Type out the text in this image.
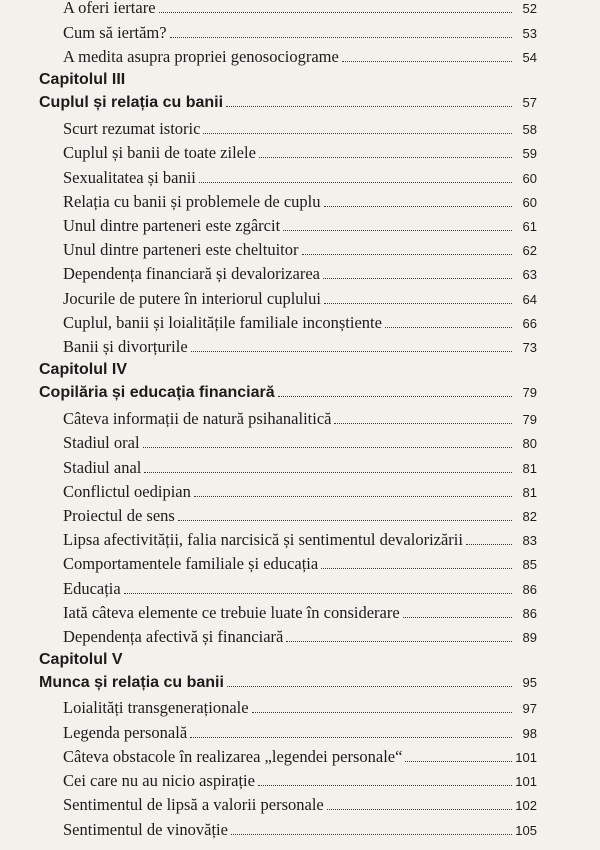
A oferi iertare	52
Cum să iertăm?	53
A medita asupra propriei genosociograme	54
Capitolul III
Cuplul și relația cu banii	57
Scurt rezumat istoric	58
Cuplul și banii de toate zilele	59
Sexualitatea și banii	60
Relația cu banii și problemele de cuplu	60
Unul dintre parteneri este zgârcit	61
Unul dintre parteneri este cheltuitor	62
Dependența financiară și devalorizarea	63
Jocurile de putere în interiorul cuplului	64
Cuplul, banii și loialitățile familiale inconștiente	66
Banii și divorțurile	73
Capitolul IV
Copilăria și educația financiară	79
Câteva informații de natură psihanalitică	79
Stadiul oral	80
Stadiul anal	81
Conflictul oedipian	81
Proiectul de sens	82
Lipsa afectivității, falia narcisică și sentimentul devalorizării	83
Comportamentele familiale și educația	85
Educația	86
Iată câteva elemente ce trebuie luate în considerare	86
Dependența afectivă și financiară	89
Capitolul V
Munca și relația cu banii	95
Loialități transgeneraționale	97
Legenda personală	98
Câteva obstacole în realizarea „legendei personale“	101
Cei care nu au nicio aspirație	101
Sentimentul de lipsă a valorii personale	102
Sentimentul de vinovăție	105
